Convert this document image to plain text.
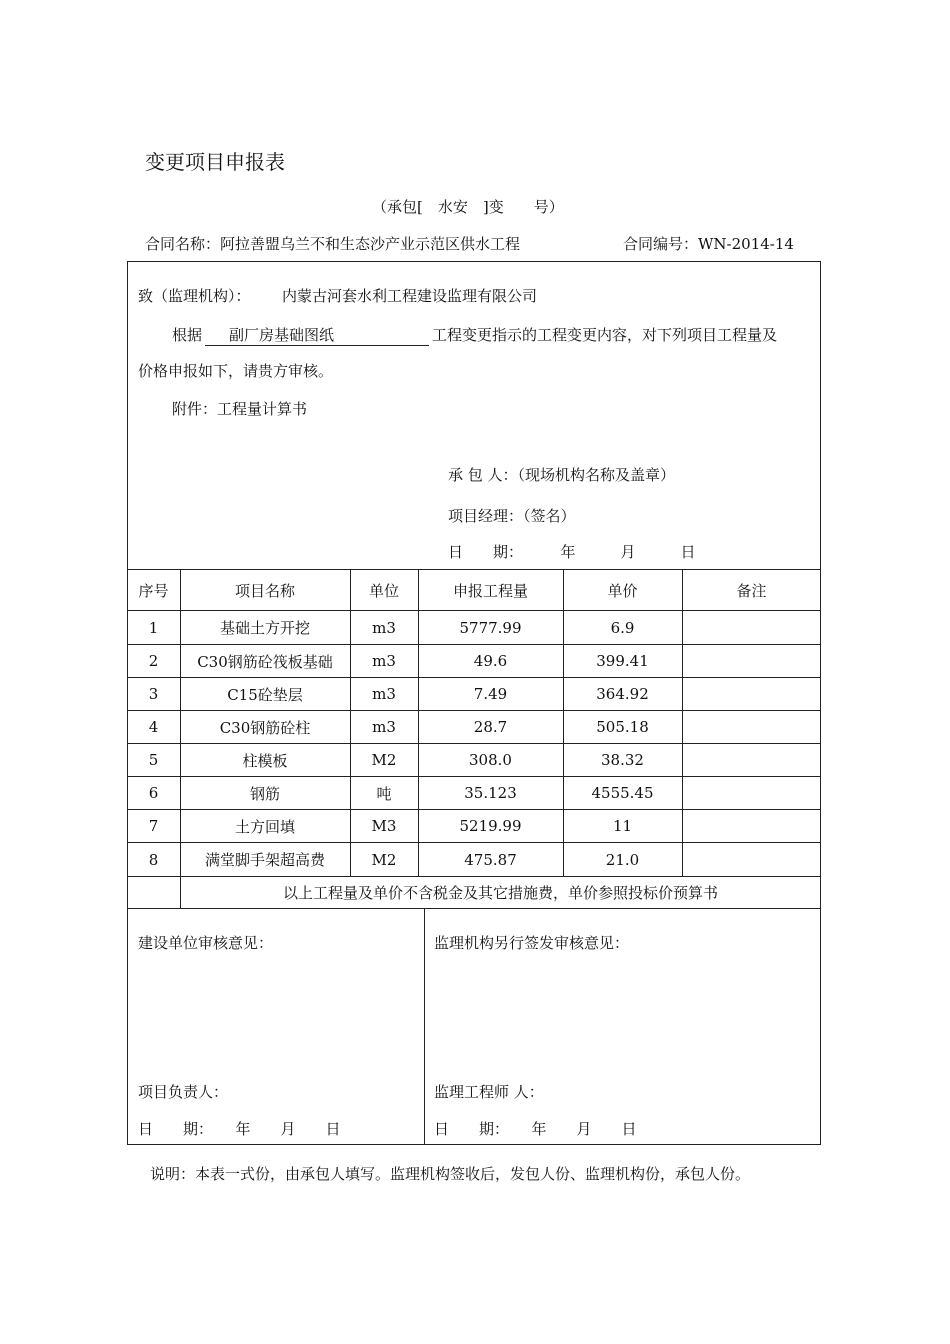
变更项目申报表
（承包[　水安　]变　　号）
合同名称：阿拉善盟乌兰不和生态沙产业示范区供水工程	合同编号：WN-2014-14
致（监理机构）： 内蒙古河套水利工程建设监理有限公司
根据	副厂房基础图纸	工程变更指示的工程变更内容，对下列项目工程量及
价格申报如下，请贵方审核。
附件：工程量计算书
承 包 人：（现场机构名称及盖章）
项目经理：（签名）
日　　期：　　　年　　　月　　　日
序号	项目名称	单位	申报工程量	单价	备注
1	基础土方开挖	m3	5777.99	6.9
2	C30钢筋砼筏板基础	m3	49.6	399.41
3	C15砼垫层	m3	7.49	364.92
4	C30钢筋砼柱	m3	28.7	505.18
5	柱模板	M2	308.0	38.32
6	钢筋	吨	35.123	4555.45
7	土方回填	M3	5219.99	11
8	满堂脚手架超高费	M2	475.87	21.0
以上工程量及单价不含税金及其它措施费，单价参照投标价预算书
建设单位审核意见：
项目负责人：
日　　期：　　年　　月　　日
监理机构另行签发审核意见：
监理工程师 人：
日　　期：　　年　　月　　日
说明：本表一式份，由承包人填写。监理机构签收后，发包人份、监理机构份，承包人份。
